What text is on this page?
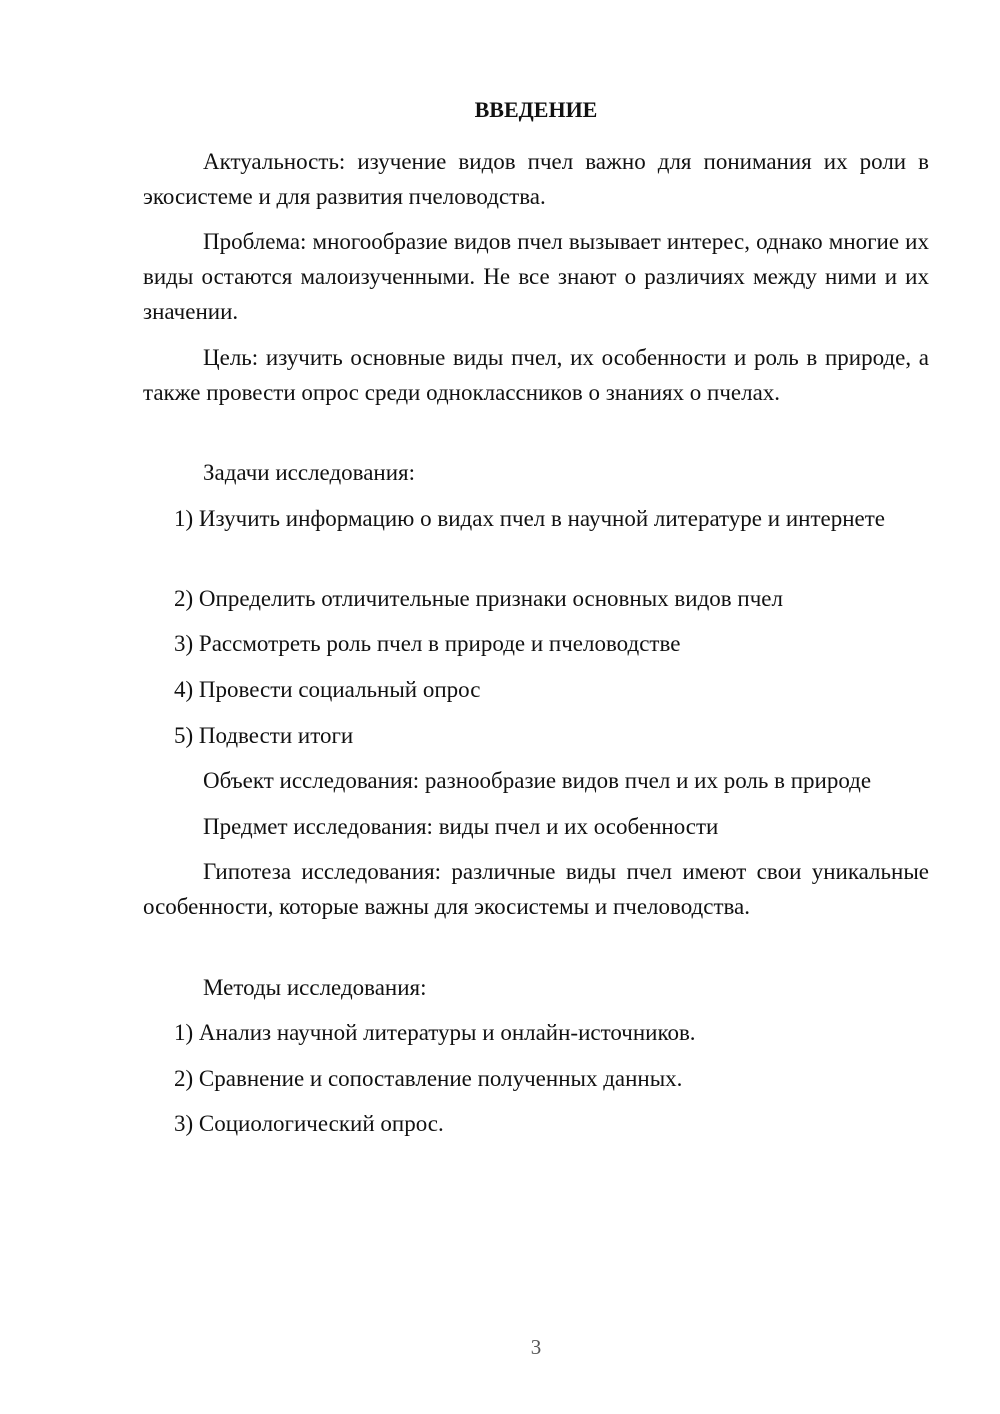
ВВЕДЕНИЕ

Актуальность: изучение видов пчел важно для понимания их роли в экосистеме и для развития пчеловодства.

Проблема: многообразие видов пчел вызывает интерес, однако многие их виды остаются малоизученными. Не все знают о различиях между ними и их значении.

Цель: изучить основные виды пчел, их особенности и роль в природе, а также провести опрос среди одноклассников о знаниях о пчелах.

Задачи исследования:

1) Изучить информацию о видах пчел в научной литературе и интернете

2) Определить отличительные признаки основных видов пчел

3) Рассмотреть роль пчел в природе и пчеловодстве

4) Провести социальный опрос

5) Подвести итоги

Объект исследования: разнообразие видов пчел и их роль в природе

Предмет исследования: виды пчел и их особенности

Гипотеза исследования: различные виды пчел имеют свои уникальные особенности, которые важны для экосистемы и пчеловодства.

Методы исследования:

1) Анализ научной литературы и онлайн-источников.

2) Сравнение и сопоставление полученных данных.

3) Социологический опрос.

3
